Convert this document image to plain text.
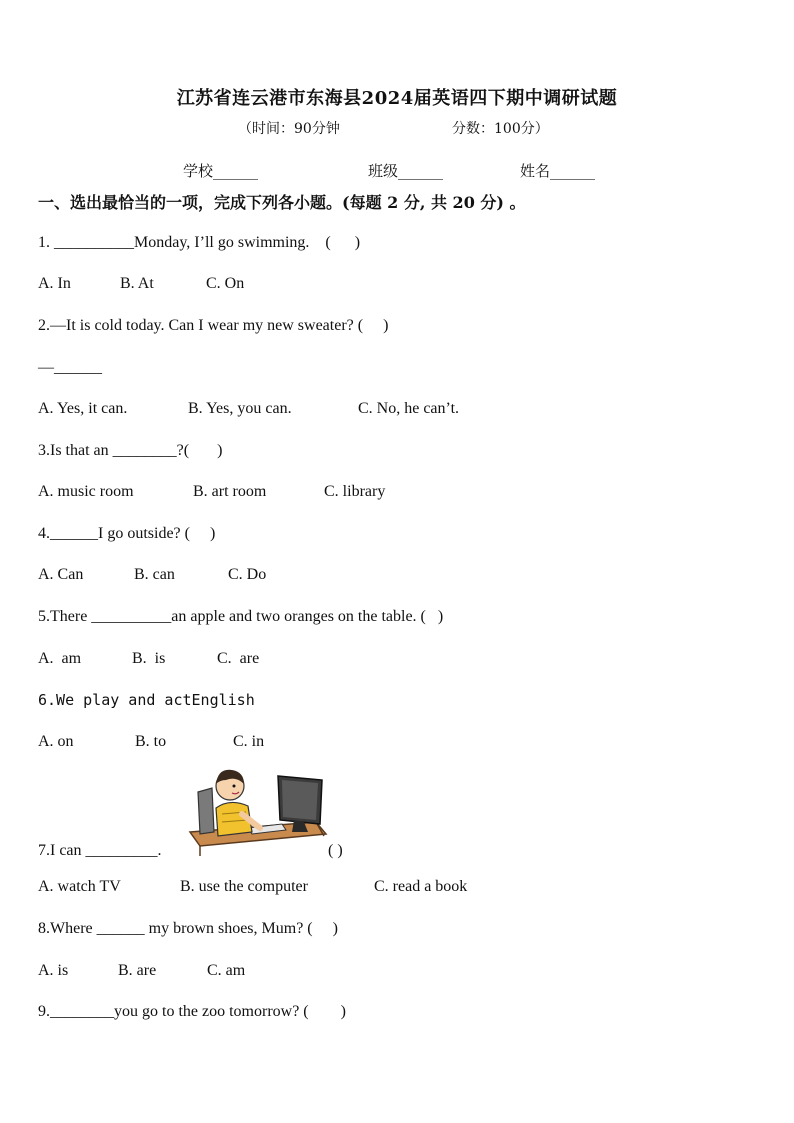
江苏省连云港市东海县2024届英语四下期中调研试题
（时间：90分钟	分数：100分）
学校______	班级______	姓名______
一、选出最恰当的一项，完成下列各小题。(每题 2 分, 共 20 分) 。
1. __________Monday, I’ll go swimming.    (      )
A. In	B. At	C. On
2.—It is cold today. Can I wear my new sweater? (     )
—______
A. Yes, it can.	B. Yes, you can.	C. No, he can’t.
3.Is that an ________?(       )
A. music room	B. art room	C. library
4.______I go outside? (     )
A. Can	B. can	C. Do
5.There __________an apple and two oranges on the table. (   )
A.  am	B.  is	C.  are
6.We play and actEnglish
A. on	B. to	C. in
7.I can _________.	( )
A. watch TV	B. use the computer	C. read a book
8.Where ______ my brown shoes, Mum? (     )
A. is	B. are	C. am
9.________you go to the zoo tomorrow? (        )
